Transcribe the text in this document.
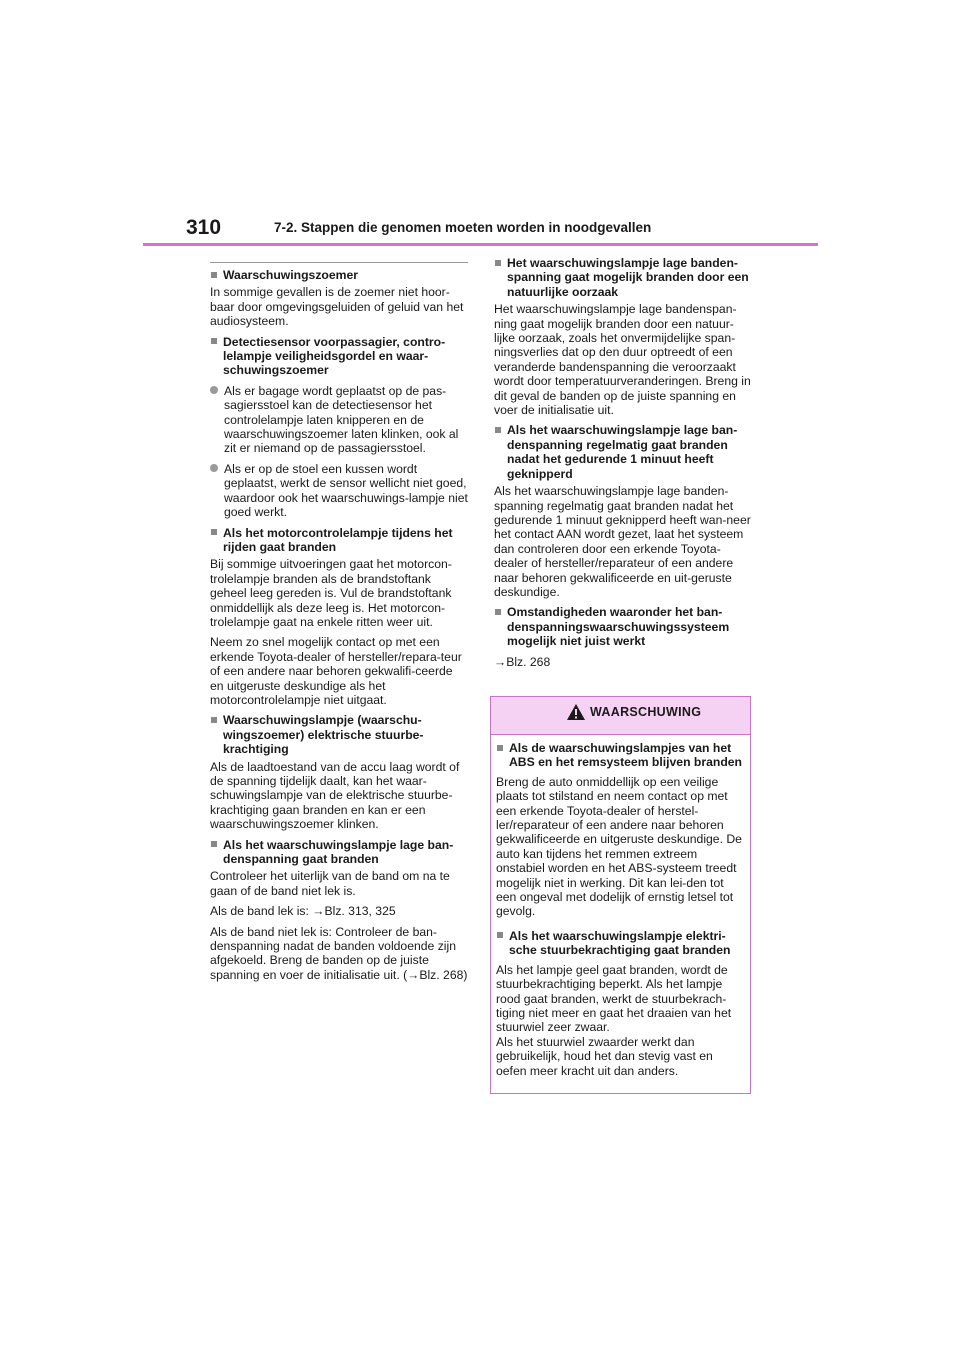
310	7-2. Stappen die genomen moeten worden in noodgevallen
Waarschuwingszoemer
In sommige gevallen is de zoemer niet hoor-baar door omgevingsgeluiden of geluid van het audiosysteem.
Detectiesensor voorpassagier, contro-lelampje veiligheidsgordel en waar-schuwingszoemer
Als er bagage wordt geplaatst op de pas-sagiersstoel kan de detectiesensor het controlelampje laten knipperen en de waarschuwingszoemer laten klinken, ook al zit er niemand op de passagiersstoel.
Als er op de stoel een kussen wordt geplaatst, werkt de sensor wellicht niet goed, waardoor ook het waarschuwings-lampje niet goed werkt.
Als het motorcontrolelampje tijdens het rijden gaat branden
Bij sommige uitvoeringen gaat het motorcon-trolelampje branden als de brandstoftank geheel leeg gereden is. Vul de brandstoftank onmiddellijk als deze leeg is. Het motorcon-trolelampje gaat na enkele ritten weer uit.
Neem zo snel mogelijk contact op met een erkende Toyota-dealer of hersteller/repara-teur of een andere naar behoren gekwalifi-ceerde en uitgeruste deskundige als het motorcontrolelampje niet uitgaat.
Waarschuwingslampje (waarschu-wingszoemer) elektrische stuurbe-krachtiging
Als de laadtoestand van de accu laag wordt of de spanning tijdelijk daalt, kan het waar-schuwingslampje van de elektrische stuurbe-krachtiging gaan branden en kan er een waarschuwingszoemer klinken.
Als het waarschuwingslampje lage ban-denspanning gaat branden
Controleer het uiterlijk van de band om na te gaan of de band niet lek is.
Als de band lek is: →Blz. 313, 325
Als de band niet lek is: Controleer de ban-denspanning nadat de banden voldoende zijn afgekoeld. Breng de banden op de juiste spanning en voer de initialisatie uit. (→Blz. 268)
Het waarschuwingslampje lage banden-spanning gaat mogelijk branden door een natuurlijke oorzaak
Het waarschuwingslampje lage bandenspan-ning gaat mogelijk branden door een natuur-lijke oorzaak, zoals het onvermijdelijke span-ningsverlies dat op den duur optreedt of een veranderde bandenspanning die veroorzaakt wordt door temperatuurveranderingen. Breng in dit geval de banden op de juiste spanning en voer de initialisatie uit.
Als het waarschuwingslampje lage ban-denspanning regelmatig gaat branden nadat het gedurende 1 minuut heeft geknipperd
Als het waarschuwingslampje lage banden-spanning regelmatig gaat branden nadat het gedurende 1 minuut geknipperd heeft wan-neer het contact AAN wordt gezet, laat het systeem dan controleren door een erkende Toyota-dealer of hersteller/reparateur of een andere naar behoren gekwalificeerde en uit-geruste deskundige.
Omstandigheden waaronder het ban-denspanningswaarschuwingssysteem mogelijk niet juist werkt
→Blz. 268
WAARSCHUWING
Als de waarschuwingslampjes van het ABS en het remsysteem blijven branden
Breng de auto onmiddellijk op een veilige plaats tot stilstand en neem contact op met een erkende Toyota-dealer of herstel-ler/reparateur of een andere naar behoren gekwalificeerde en uitgeruste deskundige. De auto kan tijdens het remmen extreem onstabiel worden en het ABS-systeem treedt mogelijk niet in werking. Dit kan lei-den tot een ongeval met dodelijk of ernstig letsel tot gevolg.
Als het waarschuwingslampje elektri-sche stuurbekrachtiging gaat branden
Als het lampje geel gaat branden, wordt de stuurbekrachtiging beperkt. Als het lampje rood gaat branden, werkt de stuurbekrach-tiging niet meer en gaat het draaien van het stuurwiel zeer zwaar.
Als het stuurwiel zwaarder werkt dan gebruikelijk, houd het dan stevig vast en oefen meer kracht uit dan anders.
